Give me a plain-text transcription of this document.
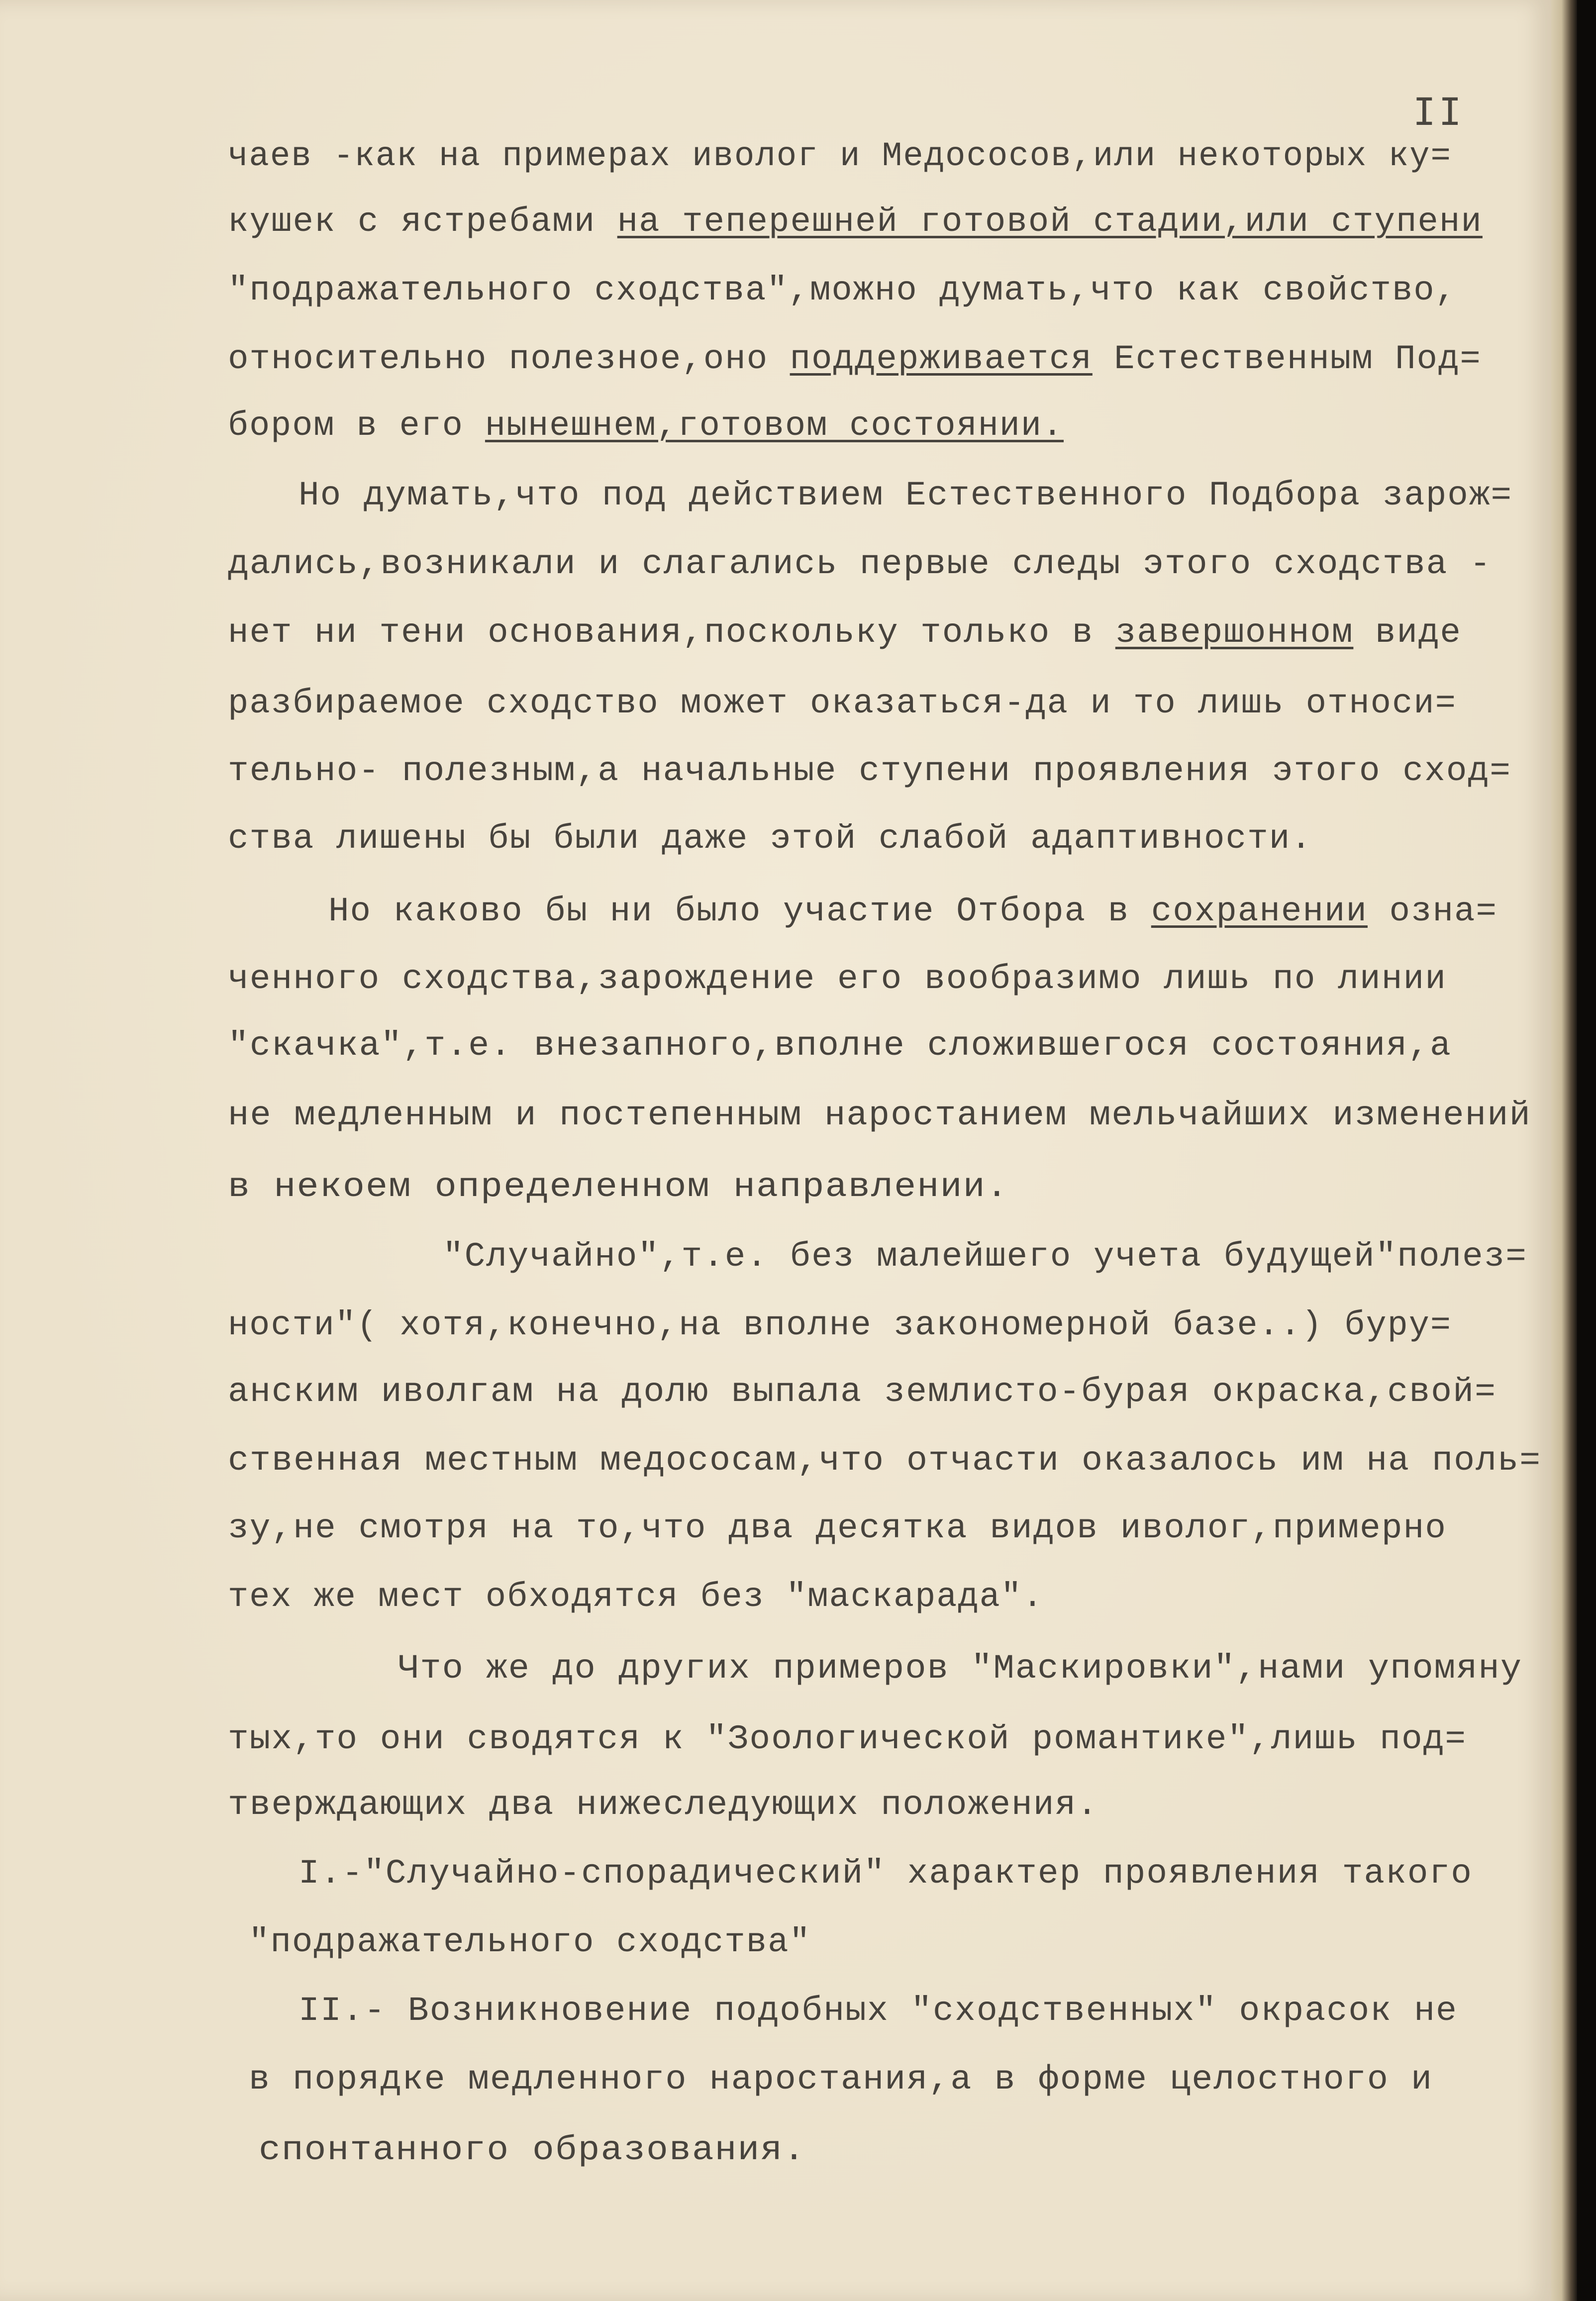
II
чаев -как на примерах иволог и Медососов,или некоторых ку=
кушек с ястребами на теперешней готовой стадии,или ступени
"подражательного сходства",можно думать,что как свойство,
относительно полезное,оно поддерживается Естественным Под=
бором в его нынешнем,готовом состоянии.
Но думать,что под действием Естественного Подбора зарож=
дались,возникали и слагались первые следы этого сходства -
нет ни тени основания,поскольку только в завершонном виде
разбираемое сходство может оказаться-да и то лишь относи=
тельно- полезным,а начальные ступени проявления этого сход=
ства лишены бы были даже этой слабой адаптивности.
Но каково бы ни было участие Отбора в сохранении озна=
ченного сходства,зарождение его вообразимо лишь по линии
"скачка",т.е. внезапного,вполне сложившегося состояния,а
не медленным и постепенным наростанием мельчайших изменений
в некоем определенном направлении.
"Случайно",т.е. без малейшего учета будущей"полез=
ности"( хотя,конечно,на вполне закономерной базе..) буру=
анским иволгам на долю выпала землисто-бурая окраска,свой=
ственная местным медососам,что отчасти оказалось им на поль=
зу,не смотря на то,что два десятка видов иволог,примерно
тех же мест обходятся без "маскарада".
Что же до других примеров "Маскировки",нами упомяну
тых,то они сводятся к "Зоологической романтике",лишь под=
тверждающих два нижеследующих положения.
I.-"Случайно-спорадический" характер проявления такого
"подражательного сходства"
II.- Возникновение подобных "сходственных" окрасок не
в порядке медленного наростания,а в форме целостного и
спонтанного образования.
